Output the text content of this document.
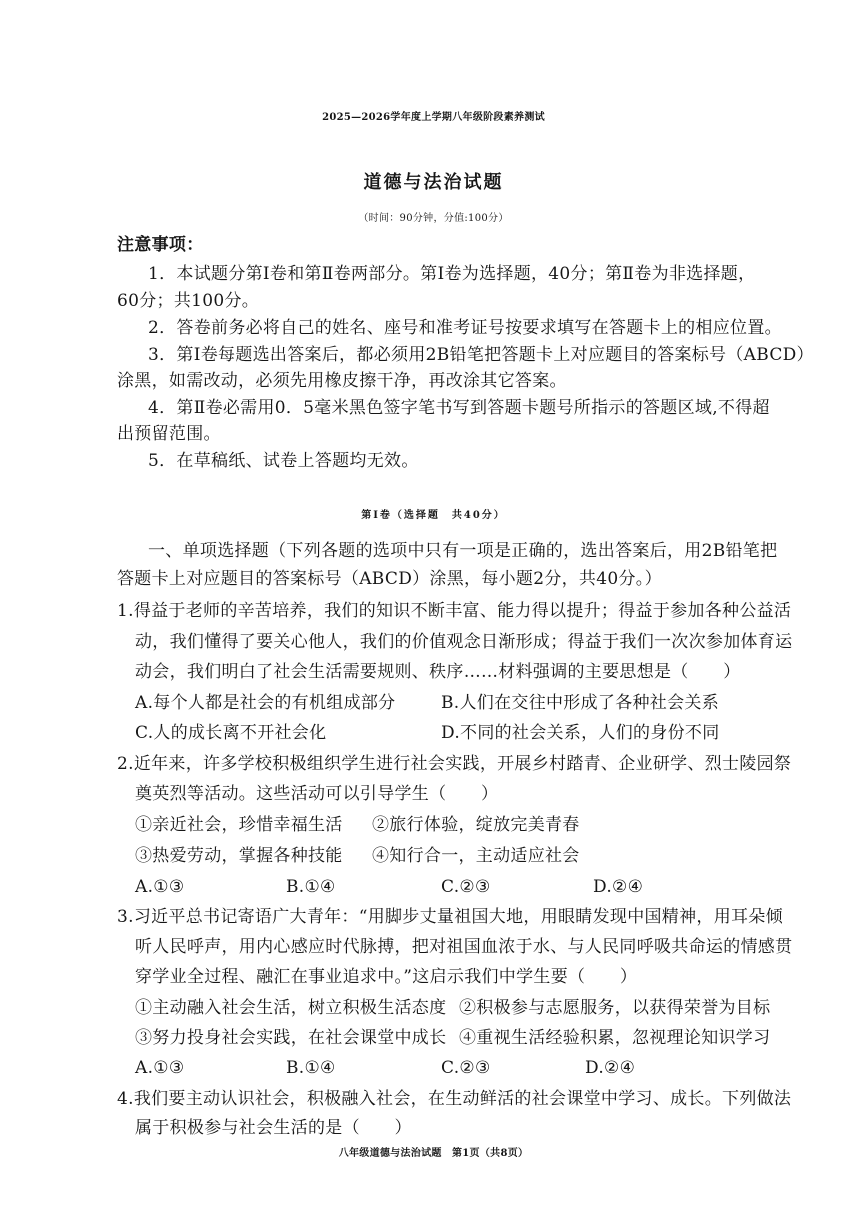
2025—2026学年度上学期八年级阶段素养测试
道德与法治试题
（时间：90分钟，分值:100分）
注意事项：
1．本试题分第Ⅰ卷和第Ⅱ卷两部分。第Ⅰ卷为选择题，40分；第Ⅱ卷为非选择题，
60分；共100分。
2．答卷前务必将自己的姓名、座号和准考证号按要求填写在答题卡上的相应位置。
3．第Ⅰ卷每题选出答案后，都必须用2B铅笔把答题卡上对应题目的答案标号（ABCD）
涂黑，如需改动，必须先用橡皮擦干净，再改涂其它答案。
4．第Ⅱ卷必需用0．5毫米黑色签字笔书写到答题卡题号所指示的答题区域,不得超
出预留范围。
5．在草稿纸、试卷上答题均无效。
第Ⅰ卷（选择题　共40分）
一、单项选择题（下列各题的选项中只有一项是正确的，选出答案后，用2B铅笔把
答题卡上对应题目的答案标号（ABCD）涂黑，每小题2分，共40分。）
1.得益于老师的辛苦培养，我们的知识不断丰富、能力得以提升；得益于参加各种公益活
动，我们懂得了要关心他人，我们的价值观念日渐形成；得益于我们一次次参加体育运
动会，我们明白了社会生活需要规则、秩序……材料强调的主要思想是（　　）
A.每个人都是社会的有机组成部分	B.人们在交往中形成了各种社会关系
C.人的成长离不开社会化	D.不同的社会关系，人们的身份不同
2.近年来，许多学校积极组织学生进行社会实践，开展乡村踏青、企业研学、烈士陵园祭
奠英烈等活动。这些活动可以引导学生（　　）
①亲近社会，珍惜幸福生活 ②旅行体验，绽放完美青春
③热爱劳动，掌握各种技能 ④知行合一，主动适应社会
A.①③	B.①④	C.②③	D.②④
3.习近平总书记寄语广大青年：“用脚步丈量祖国大地，用眼睛发现中国精神，用耳朵倾
听人民呼声，用内心感应时代脉搏，把对祖国血浓于水、与人民同呼吸共命运的情感贯
穿学业全过程、融汇在事业追求中。”这启示我们中学生要（　　）
①主动融入社会生活，树立积极生活态度 ②积极参与志愿服务，以获得荣誉为目标
③努力投身社会实践，在社会课堂中成长 ④重视生活经验积累，忽视理论知识学习
A.①③	B.①④	C.②③	D.②④
4.我们要主动认识社会，积极融入社会，在生动鲜活的社会课堂中学习、成长。下列做法
属于积极参与社会生活的是（　　）
八年级道德与法治试题　第1页（共8页）
